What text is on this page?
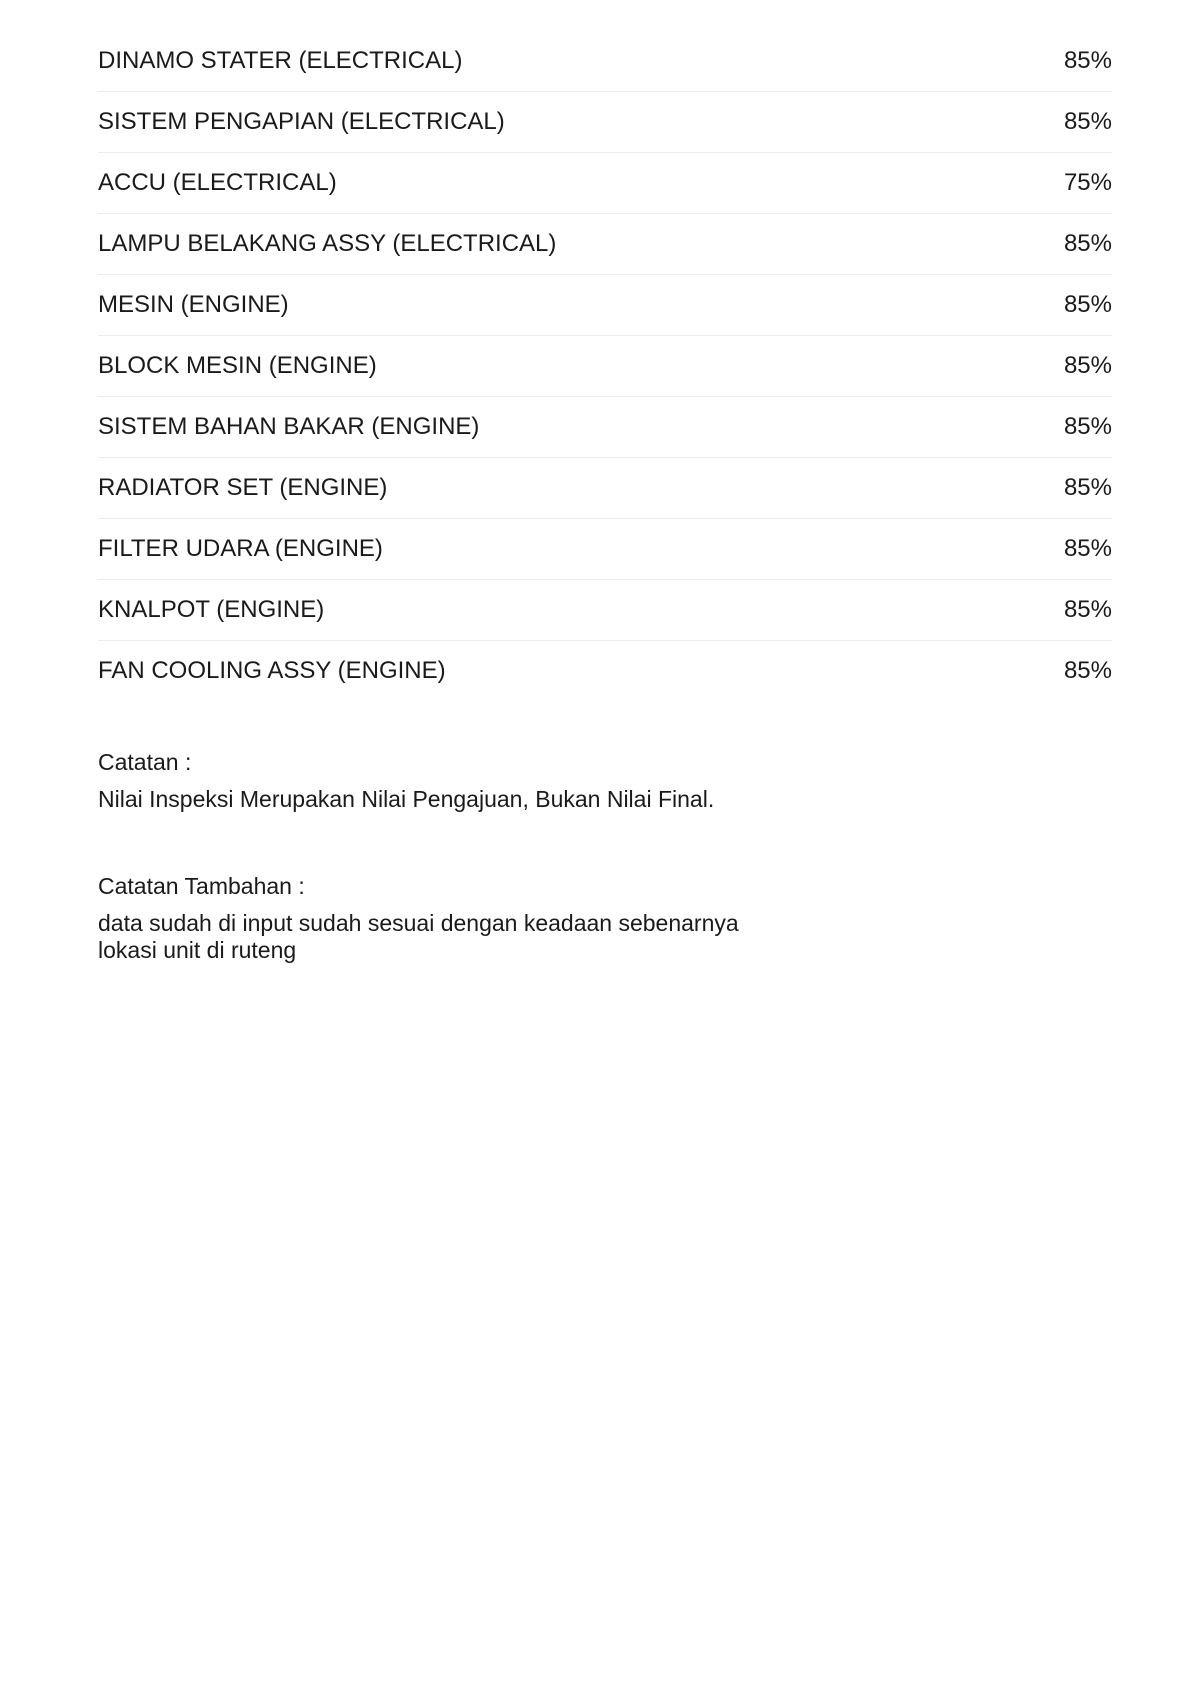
DINAMO STATER (ELECTRICAL)	85%
SISTEM PENGAPIAN (ELECTRICAL)	85%
ACCU (ELECTRICAL)	75%
LAMPU BELAKANG ASSY (ELECTRICAL)	85%
MESIN (ENGINE)	85%
BLOCK MESIN (ENGINE)	85%
SISTEM BAHAN BAKAR (ENGINE)	85%
RADIATOR SET (ENGINE)	85%
FILTER UDARA (ENGINE)	85%
KNALPOT (ENGINE)	85%
FAN COOLING ASSY (ENGINE)	85%
Catatan :
Nilai Inspeksi Merupakan Nilai Pengajuan, Bukan Nilai Final.
Catatan Tambahan :
data sudah di input sudah sesuai dengan keadaan sebenarnya
lokasi unit di ruteng
